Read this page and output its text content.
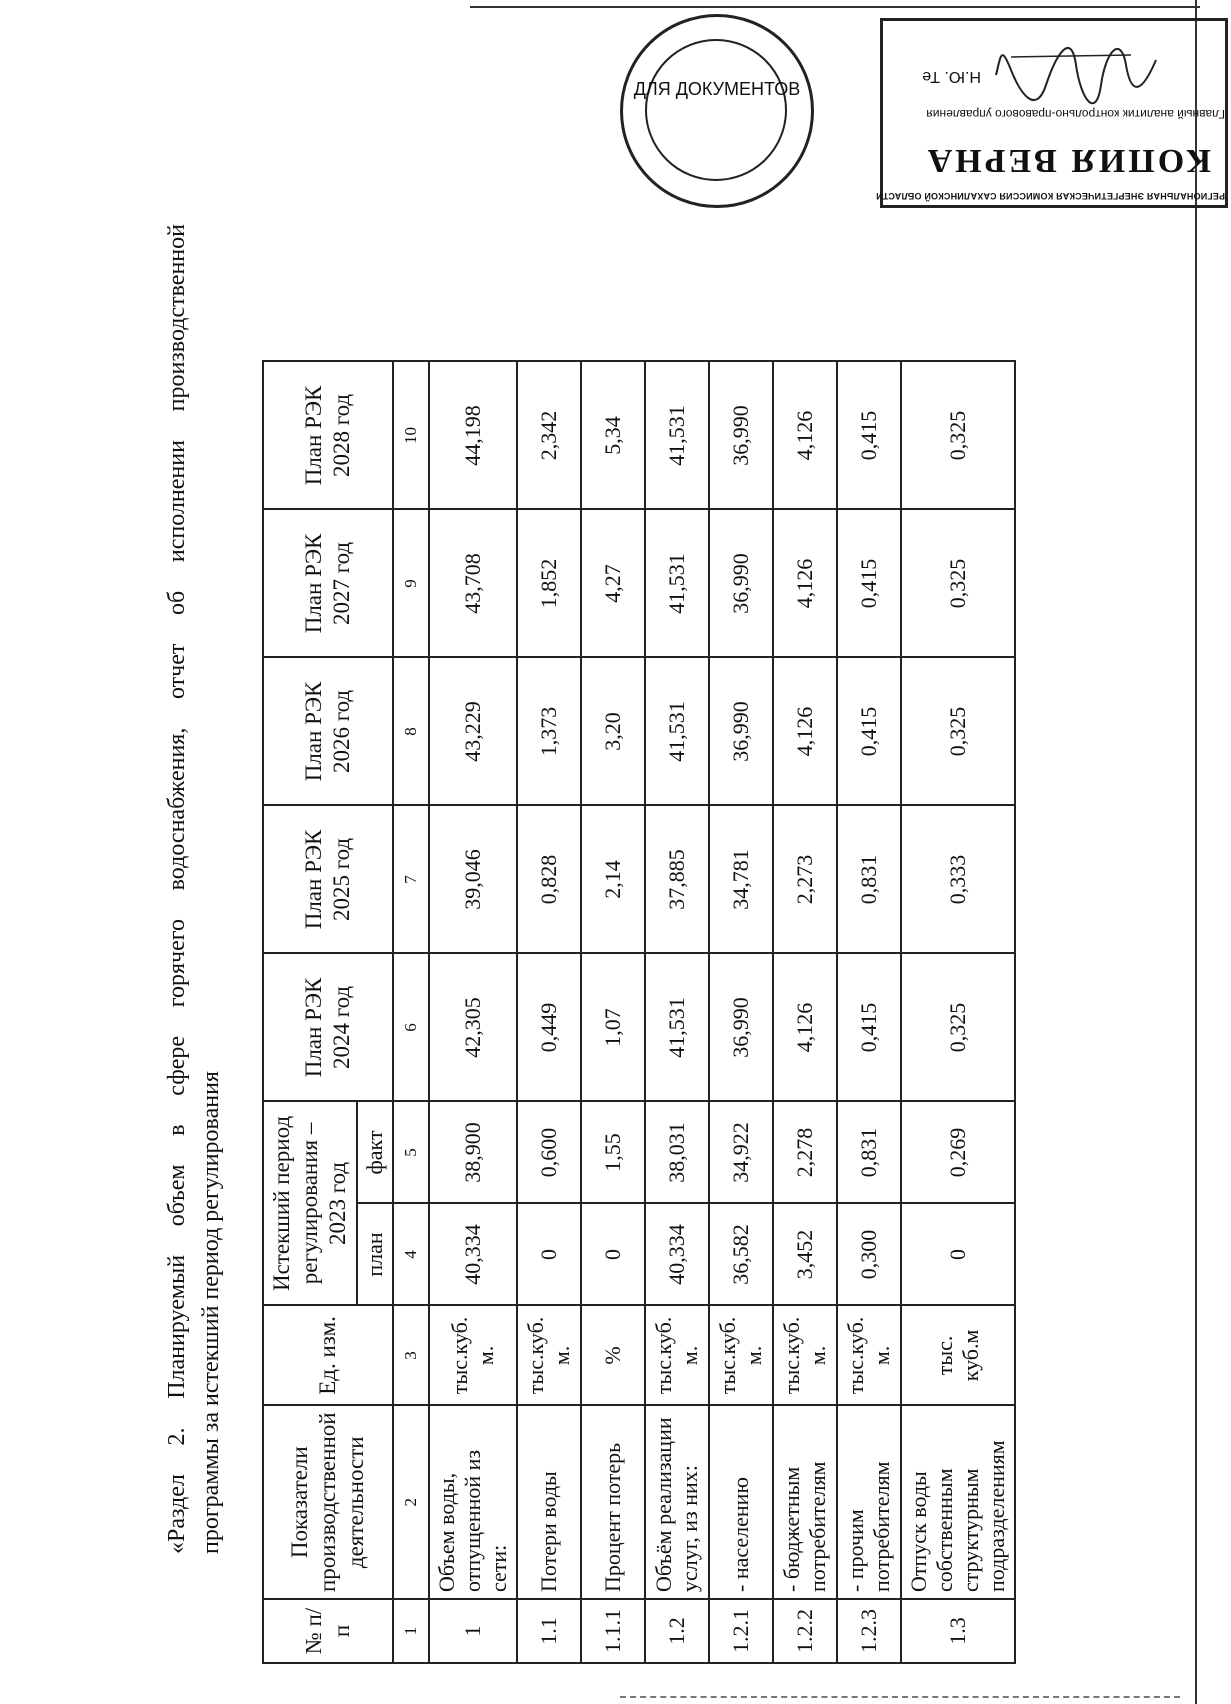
«Раздел 2. Планируемый объем в сфере горячего водоснабжения, отчет об исполнении производственной программы за истекший период регулирования
№ п/п	Показатели производственной деятельности	Ед. изм.	Истекший период регулирования – 2023 год		План РЭК 2024 год	План РЭК 2025 год	План РЭК 2026 год	План РЭК 2027 год	План РЭК 2028 год
			план	факт					
1	2	3	4	5	6	7	8	9	10
1	Объем воды, отпущенной из сети:	тыс.куб. м.	40,334	38,900	42,305	39,046	43,229	43,708	44,198
1.1	Потери воды	тыс.куб. м.	0	0,600	0,449	0,828	1,373	1,852	2,342
1.1.1	Процент потерь	%	0	1,55	1,07	2,14	3,20	4,27	5,34
1.2	Объём реализации услуг, из них:	тыс.куб. м.	40,334	38,031	41,531	37,885	41,531	41,531	41,531
1.2.1	- населению	тыс.куб. м.	36,582	34,922	36,990	34,781	36,990	36,990	36,990
1.2.2	- бюджетным потребителям	тыс.куб. м.	3,452	2,278	4,126	2,273	4,126	4,126	4,126
1.2.3	- прочим потребителям	тыс.куб. м.	0,300	0,831	0,415	0,831	0,415	0,415	0,415
1.3	Отпуск воды собственным структурным подразделениям	тыс. куб.м	0	0,269	0,325	0,333	0,325	0,325	0,325
ДЛЯ ДОКУМЕНТОВ
РЕГИОНАЛЬНАЯ ЭНЕРГЕТИЧЕСКАЯ КОМИССИЯ САХАЛИНСКОЙ ОБЛАСТИ
КОПИЯ ВЕРНА
Главный аналитик контрольно-правового управления
Н.Ю. Те
